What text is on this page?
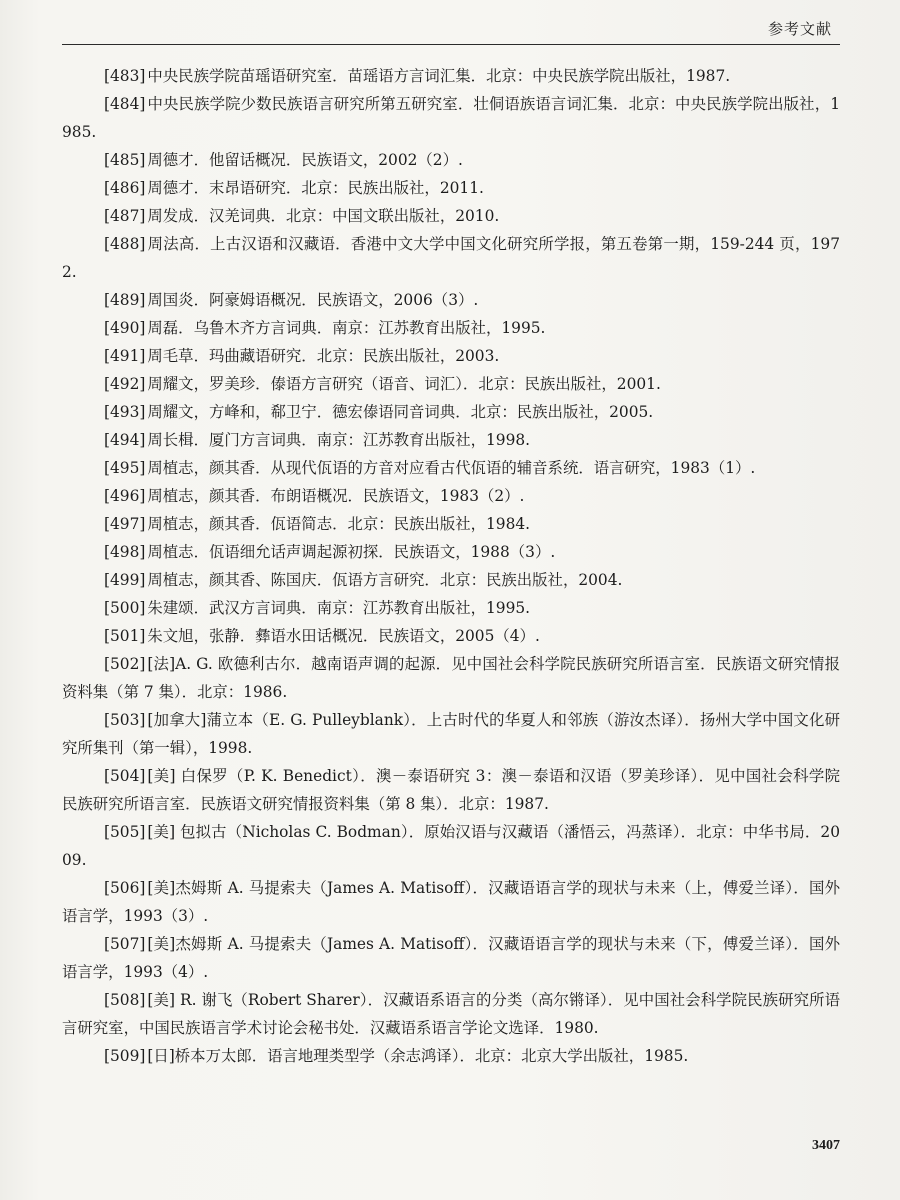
参考文献

[483] 中央民族学院苗瑶语研究室．苗瑶语方言词汇集．北京：中央民族学院出版社，1987.

[484] 中央民族学院少数民族语言研究所第五研究室．壮侗语族语言词汇集．北京：中央民族学院出版社，1985.

[485] 周德才．他留话概况．民族语文，2002（2）.

[486] 周德才．末昂语研究．北京：民族出版社，2011.

[487] 周发成．汉羌词典．北京：中国文联出版社，2010.

[488] 周法高．上古汉语和汉藏语．香港中文大学中国文化研究所学报，第五卷第一期，159-244 页，1972.

[489] 周国炎．阿豪姆语概况．民族语文，2006（3）.

[490] 周磊．乌鲁木齐方言词典．南京：江苏教育出版社，1995.

[491] 周毛草．玛曲藏语研究．北京：民族出版社，2003.

[492] 周耀文，罗美珍．傣语方言研究（语音、词汇）．北京：民族出版社，2001.

[493] 周耀文，方峰和，郗卫宁．德宏傣语同音词典．北京：民族出版社，2005.

[494] 周长楫．厦门方言词典．南京：江苏教育出版社，1998.

[495] 周植志，颜其香．从现代佤语的方音对应看古代佤语的辅音系统．语言研究，1983（1）.

[496] 周植志，颜其香．布朗语概况．民族语文，1983（2）.

[497] 周植志，颜其香．佤语简志．北京：民族出版社，1984.

[498] 周植志．佤语细允话声调起源初探．民族语文，1988（3）.

[499] 周植志，颜其香、陈国庆．佤语方言研究．北京：民族出版社，2004.

[500] 朱建颂．武汉方言词典．南京：江苏教育出版社，1995.

[501] 朱文旭，张静．彝语水田话概况．民族语文，2005（4）.

[502] [法]A. G. 欧德利古尔．越南语声调的起源．见中国社会科学院民族研究所语言室．民族语文研究情报资料集（第 7 集）．北京：1986.

[503] [加拿大]蒲立本（E. G. Pulleyblank）．上古时代的华夏人和邻族（游汝杰译）．扬州大学中国文化研究所集刊（第一辑），1998.

[504] [美] 白保罗（P. K. Benedict）．澳－泰语研究 3：澳－泰语和汉语（罗美珍译）．见中国社会科学院民族研究所语言室．民族语文研究情报资料集（第 8 集）．北京：1987.

[505] [美] 包拟古（Nicholas C. Bodman）．原始汉语与汉藏语（潘悟云，冯蒸译）．北京：中华书局．2009.

[506] [美]杰姆斯 A. 马提索夫（James A. Matisoff）．汉藏语语言学的现状与未来（上，傅爱兰译）．国外语言学，1993（3）.

[507] [美]杰姆斯 A. 马提索夫（James A. Matisoff）．汉藏语语言学的现状与未来（下，傅爱兰译）．国外语言学，1993（4）.

[508] [美] R. 谢飞（Robert Sharer）．汉藏语系语言的分类（高尔锵译）．见中国社会科学院民族研究所语言研究室，中国民族语言学术讨论会秘书处．汉藏语系语言学论文选译．1980.

[509] [日]桥本万太郎．语言地理类型学（余志鸿译）．北京：北京大学出版社，1985.

3407
